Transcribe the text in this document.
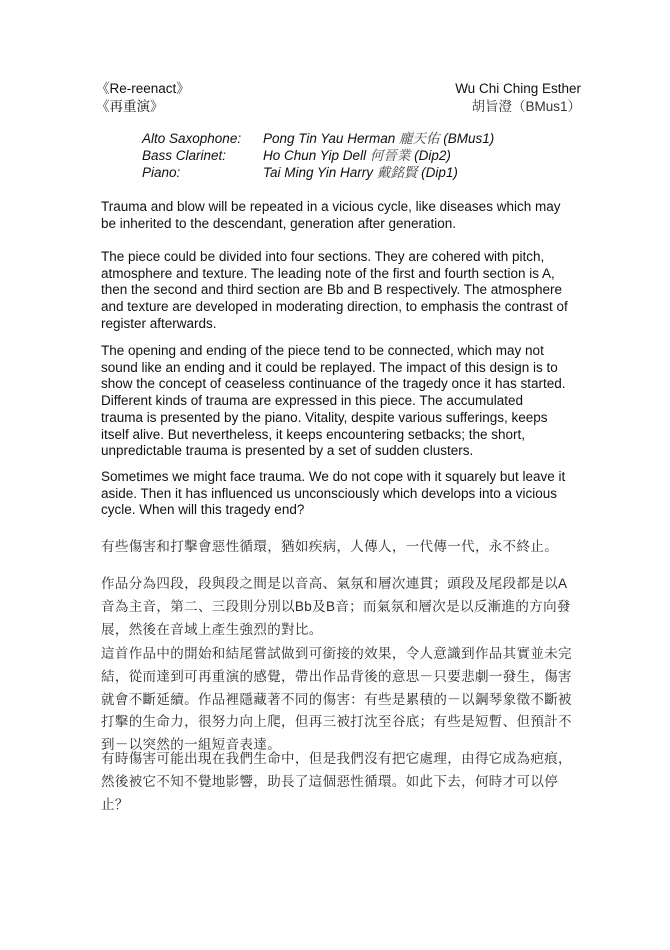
《Re-reenact》
《再重演》
Wu Chi Ching Esther
胡旨澄（BMus1）
Alto Saxophone:	Pong Tin Yau Herman
龐天佑
(BMus1)
Bass Clarinet:	Ho Chun Yip Dell
何晉業
(Dip2)
Piano:	Tai Ming Yin Harry
戴銘賢
(Dip1)
Trauma and blow will be repeated in a vicious cycle, like diseases which may
be inherited to the descendant, generation after generation.
The piece could be divided into four sections. They are cohered with pitch,
atmosphere and texture. The leading note of the first and fourth section is A,
then the second and third section are Bb and B respectively. The atmosphere
and texture are developed in moderating direction, to emphasis the contrast of
register afterwards.
The opening and ending of the piece tend to be connected, which may not
sound like an ending and it could be replayed. The impact of this design is to
show the concept of ceaseless continuance of the tragedy once it has started.
Different kinds of trauma are expressed in this piece. The accumulated
trauma is presented by the piano. Vitality, despite various sufferings, keeps
itself alive. But nevertheless, it keeps encountering setbacks; the short,
unpredictable trauma is presented by a set of sudden clusters.
Sometimes we might face trauma. We do not cope with it squarely but leave it
aside. Then it has influenced us unconsciously which develops into a vicious
cycle. When will this tragedy end?
有些傷害和打擊會惡性循環，猶如疾病，人傳人，一代傳一代，永不終止。
作品分為四段，段與段之間是以音高、氣氛和層次連貫；頭段及尾段都是以A
音為主音，第二、三段則分別以Bb及B音；而氣氛和層次是以反漸進的方向發
展，然後在音域上產生強烈的對比。
這首作品中的開始和結尾嘗試做到可銜接的效果，令人意識到作品其實並未完
結，從而達到可再重演的感覺，帶出作品背後的意思－只要悲劇一發生，傷害
就會不斷延續。作品裡隱藏著不同的傷害：有些是累積的－以鋼琴象徵不斷被
打擊的生命力，很努力向上爬，但再三被打沈至谷底；有些是短暫、但預計不
到－以突然的一組短音表達。
有時傷害可能出現在我們生命中，但是我們沒有把它處理，由得它成為疤痕，
然後被它不知不覺地影響，助長了這個惡性循環。如此下去，何時才可以停止？
